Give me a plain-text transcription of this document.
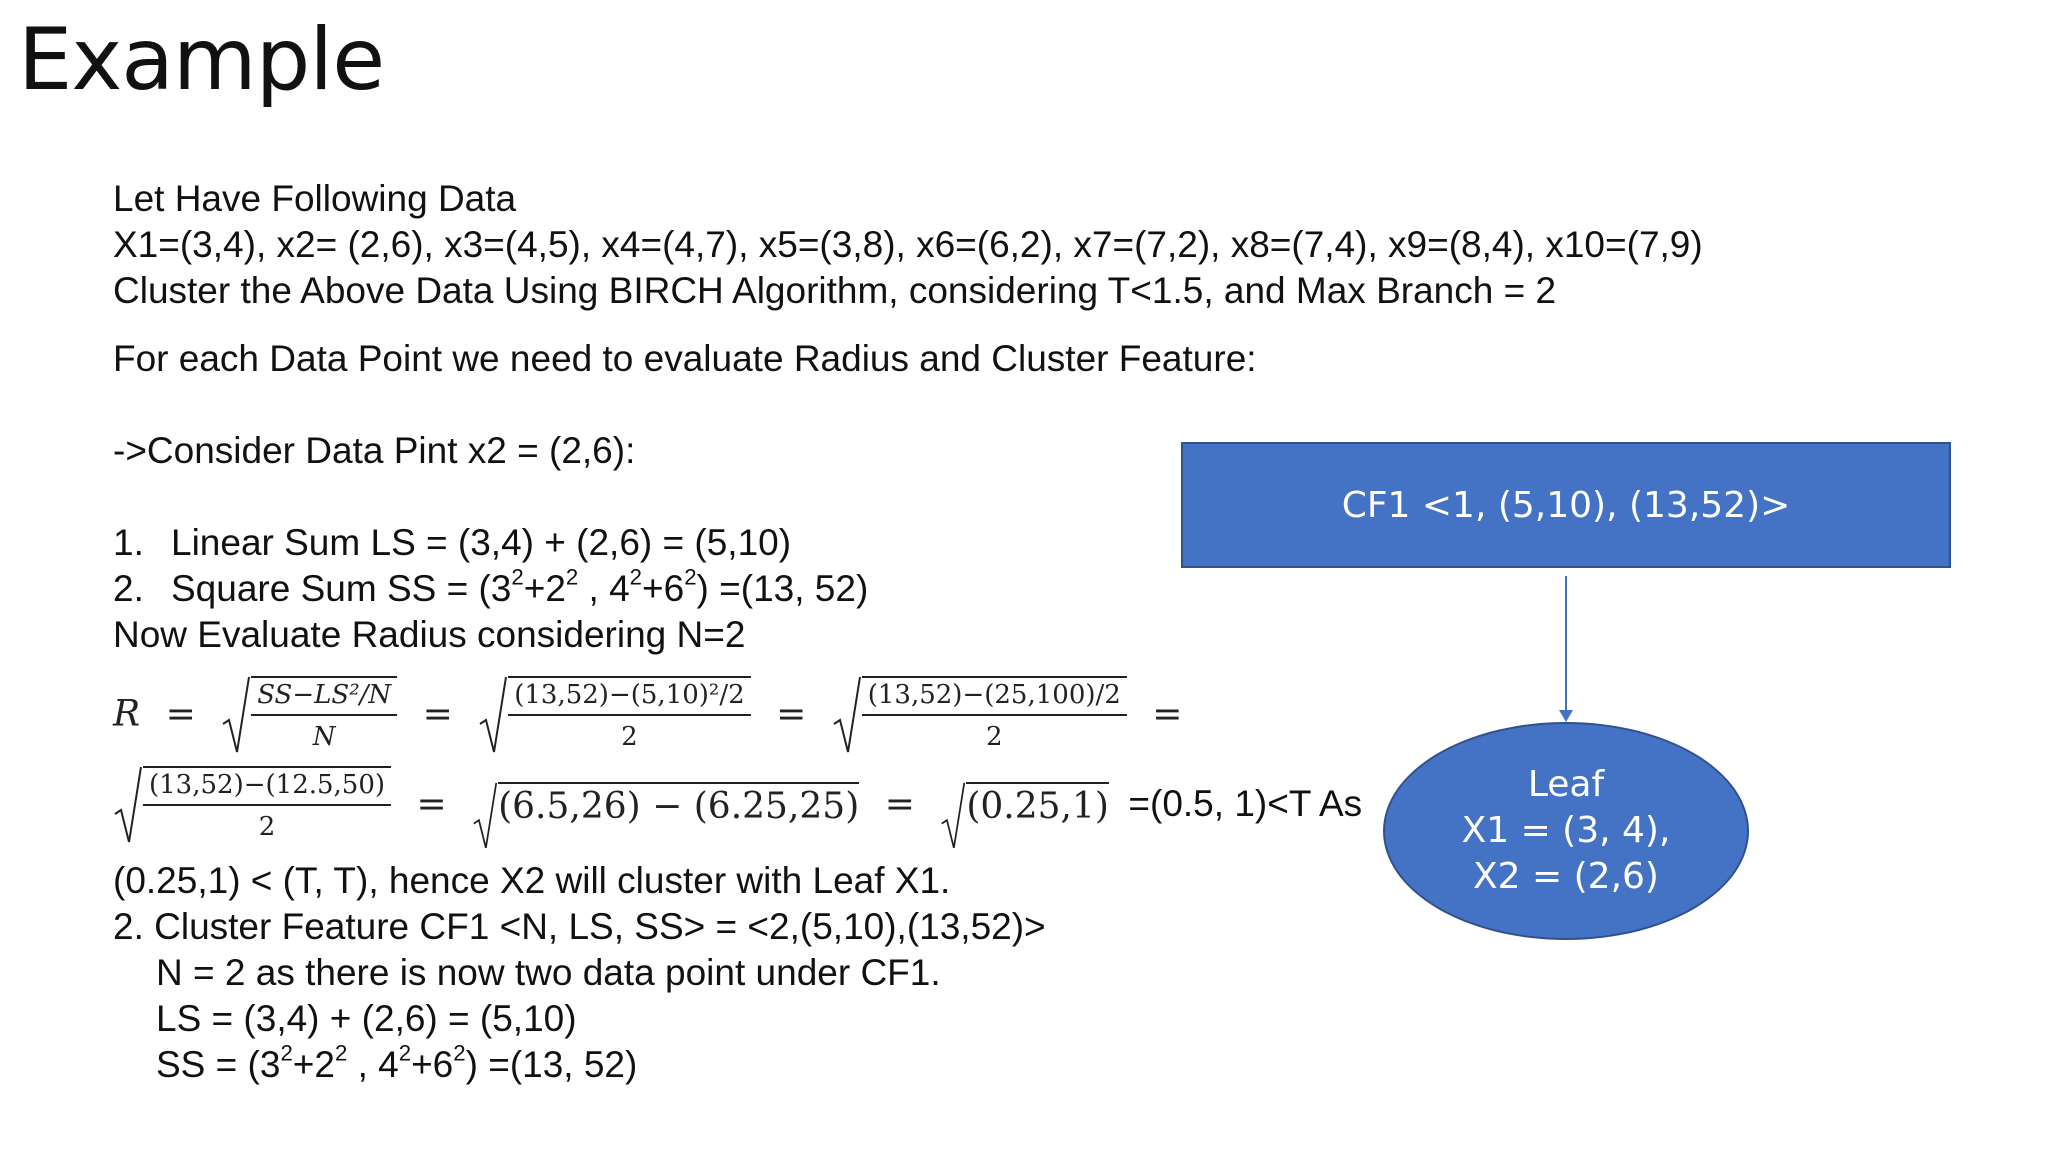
Example
Let Have Following Data
X1=(3,4), x2= (2,6), x3=(4,5), x4=(4,7), x5=(3,8), x6=(6,2), x7=(7,2), x8=(7,4), x9=(8,4), x10=(7,9)
Cluster the Above Data Using BIRCH Algorithm, considering T<1.5, and Max Branch = 2
For each Data Point we need to evaluate Radius and Cluster Feature:
->Consider Data Pint x2 = (2,6):
1. Linear Sum LS = (3,4) + (2,6) = (5,10)
2. Square Sum SS = ($3^2+2^2$ , $4^2+6^2) =(13$, 52)
Now Evaluate Radius considering N=2
(0.25,1) < (T, T), hence X2 will cluster with Leaf X1.
2. Cluster Feature CF1 <N, LS, SS> = <2,(5,10),(13,52)>
N = 2 as there is now two data point under CF1.
LS = (3,4) + (2,6) = (5,10)
SS = ($3^2+2^2$ , $4^2+6^2) =(13$, 52)
$R = \frac{\text{SS−LS²/N}}{N} = \frac{\text{(13,52)−(5,10)²/2}}{2} = \frac{(13,52)-(25,100)/2}{2}$ =
$\frac{(13,52)-(12.5,50)}{2} = (6.5,26) - (6.25,25) = (0.25,1) =(0.5$, 1)<T As
CF1 <1, (5,10), (13,52)>
Leaf
X1 = (3, 4),
X2 = (2,6)
